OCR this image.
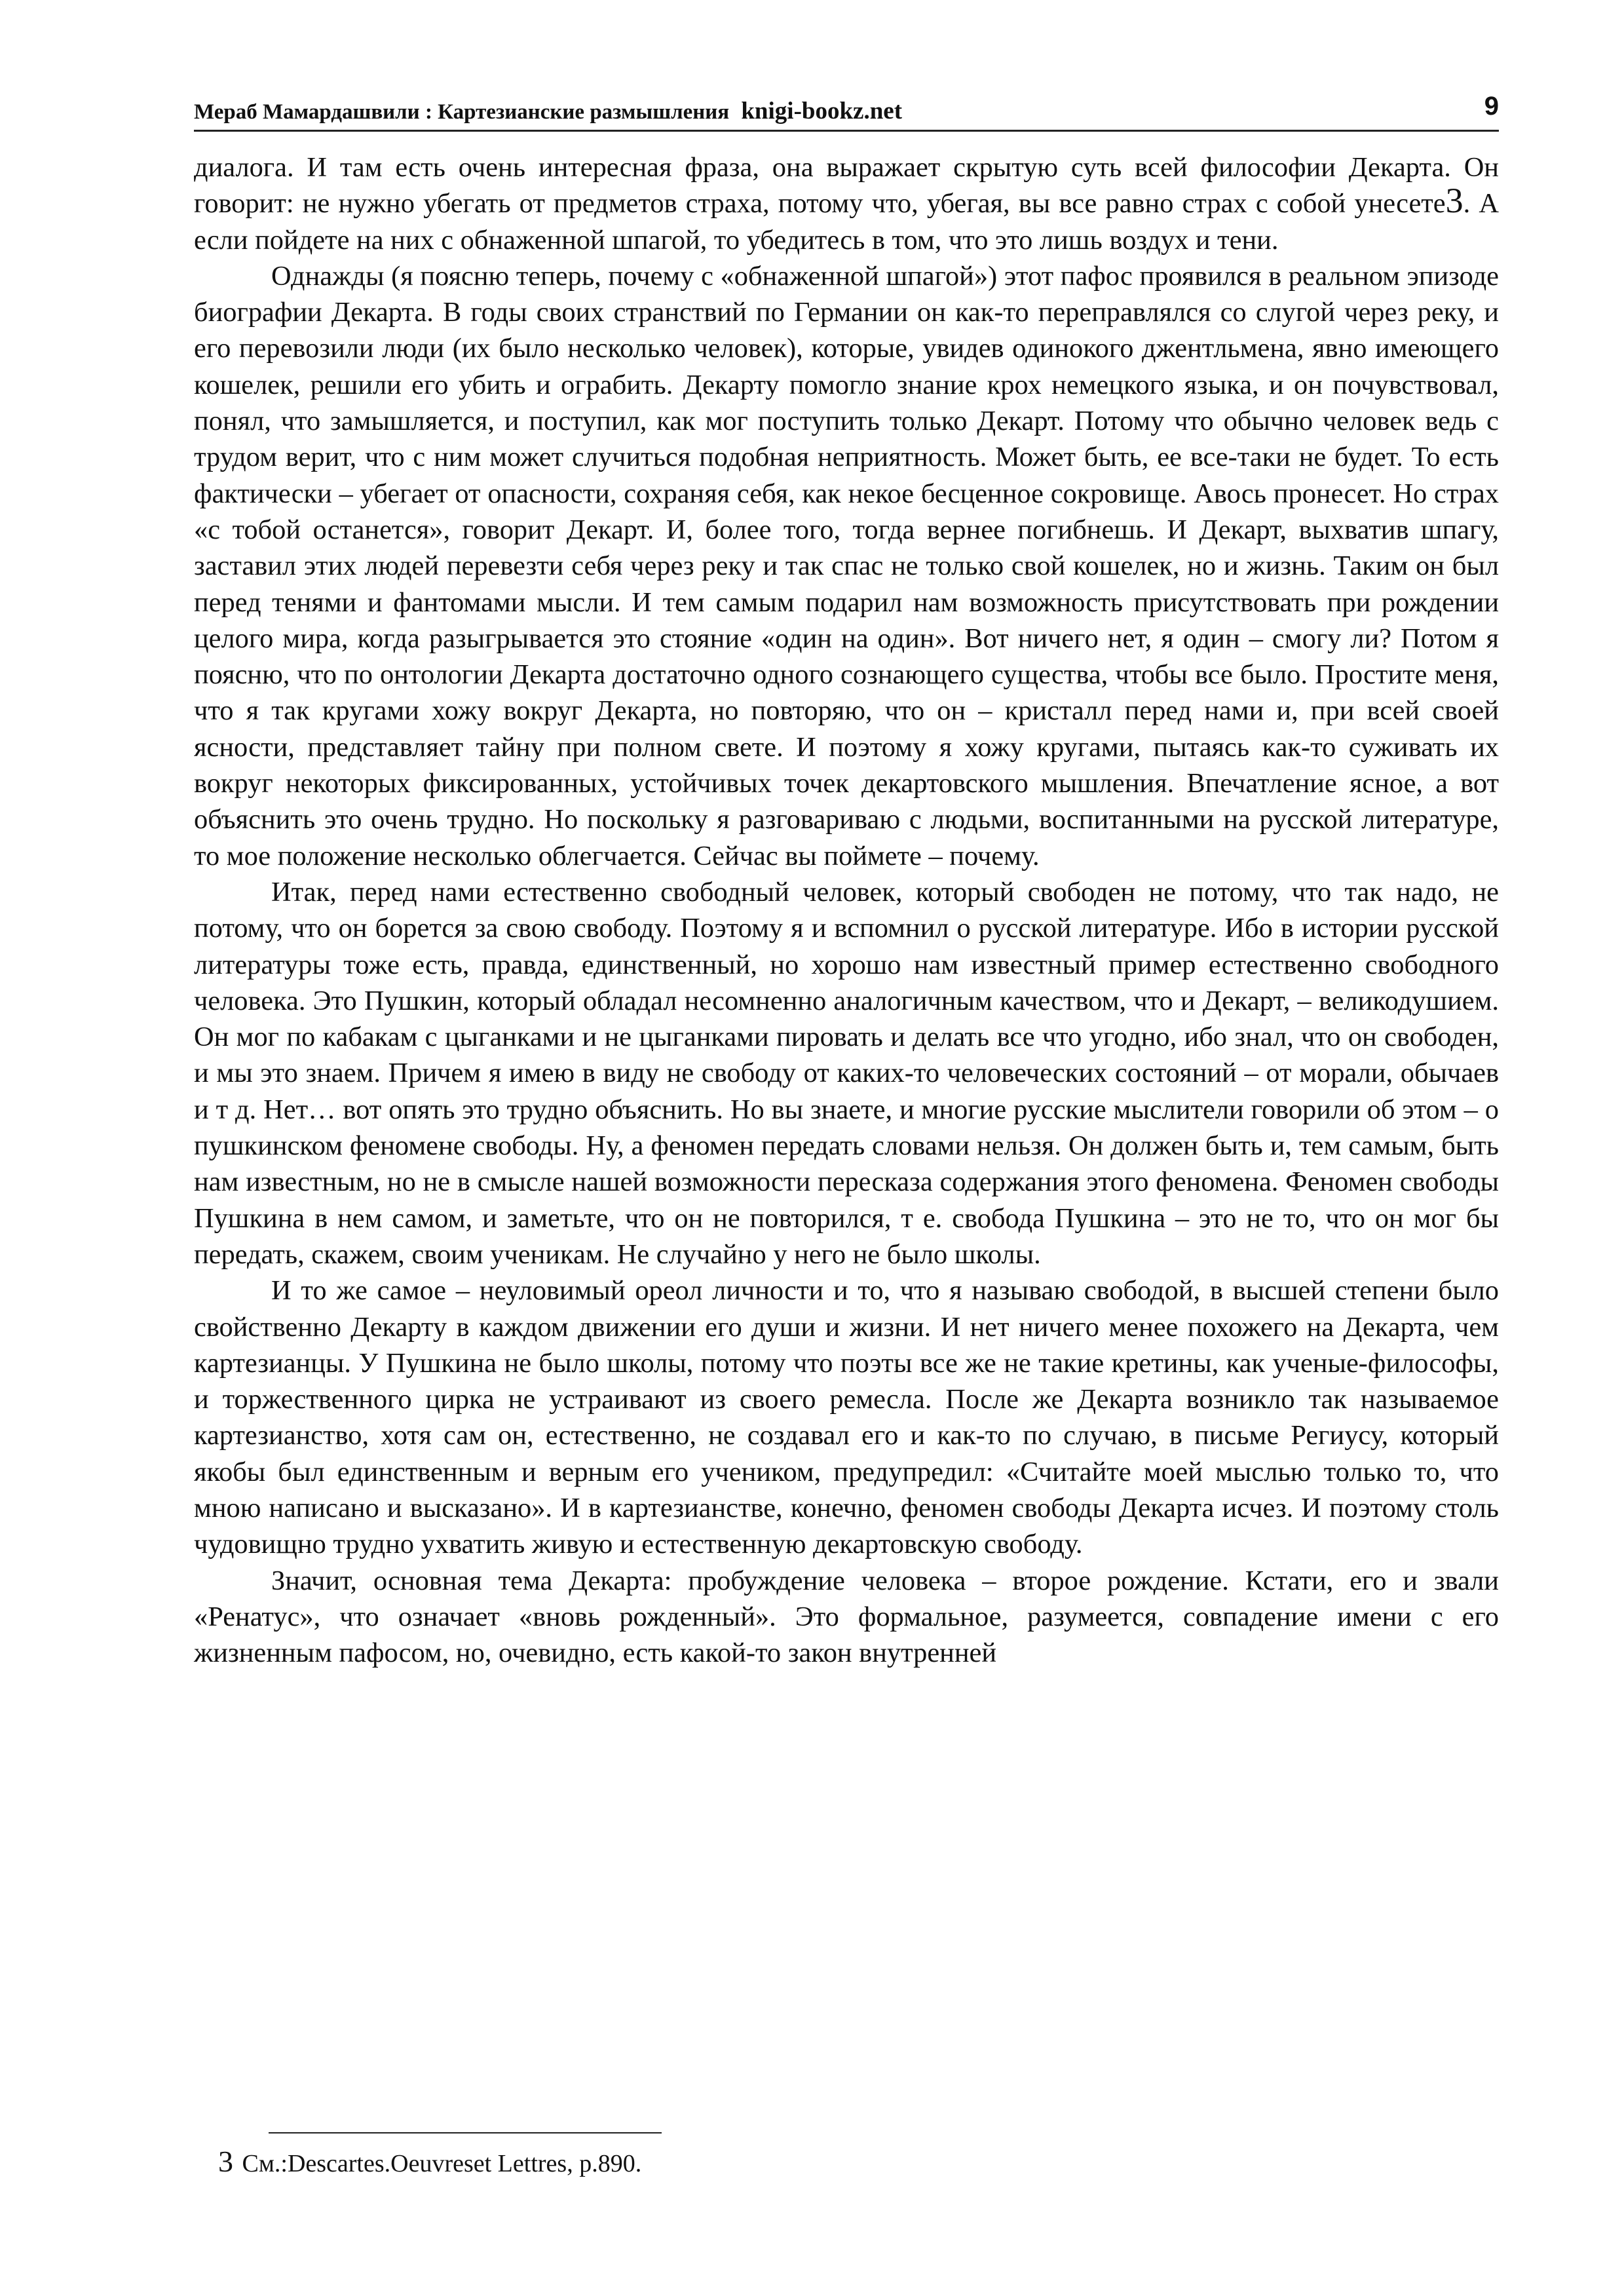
Мераб Мамардашвили : Картезианские размышления knigi-bookz.net	9

диалога. И там есть очень интересная фраза, она выражает скрытую суть всей философии Декарта. Он говорит: не нужно убегать от предметов страха, потому что, убегая, вы все равно страх с собой унесете3. А если пойдете на них с обнаженной шпагой, то убедитесь в том, что это лишь воздух и тени.

Однажды (я поясню теперь, почему с «обнаженной шпагой») этот пафос проявился в реальном эпизоде биографии Декарта. В годы своих странствий по Германии он как-то переправлялся со слугой через реку, и его перевозили люди (их было несколько человек), которые, увидев одинокого джентльмена, явно имеющего кошелек, решили его убить и ограбить. Декарту помогло знание крох немецкого языка, и он почувствовал, понял, что замышляется, и поступил, как мог поступить только Декарт. Потому что обычно человек ведь с трудом верит, что с ним может случиться подобная неприятность. Может быть, ее все-таки не будет. То есть фактически – убегает от опасности, сохраняя себя, как некое бесценное сокровище. Авось пронесет. Но страх «с тобой останется», говорит Декарт. И, более того, тогда вернее погибнешь. И Декарт, выхватив шпагу, заставил этих людей перевезти себя через реку и так спас не только свой кошелек, но и жизнь. Таким он был перед тенями и фантомами мысли. И тем самым подарил нам возможность присутствовать при рождении целого мира, когда разыгрывается это стояние «один на один». Вот ничего нет, я один – смогу ли? Потом я поясню, что по онтологии Декарта достаточно одного сознающего существа, чтобы все было. Простите меня, что я так кругами хожу вокруг Декарта, но повторяю, что он – кристалл перед нами и, при всей своей ясности, представляет тайну при полном свете. И поэтому я хожу кругами, пытаясь как-то суживать их вокруг некоторых фиксированных, устойчивых точек декартовского мышления. Впечатление ясное, а вот объяснить это очень трудно. Но поскольку я разговариваю с людьми, воспитанными на русской литературе, то мое положение несколько облегчается. Сейчас вы поймете – почему.

Итак, перед нами естественно свободный человек, который свободен не потому, что так надо, не потому, что он борется за свою свободу. Поэтому я и вспомнил о русской литературе. Ибо в истории русской литературы тоже есть, правда, единственный, но хорошо нам известный пример естественно свободного человека. Это Пушкин, который обладал несомненно аналогичным качеством, что и Декарт, – великодушием. Он мог по кабакам с цыганками и не цыганками пировать и делать все что угодно, ибо знал, что он свободен, и мы это знаем. Причем я имею в виду не свободу от каких-то человеческих состояний – от морали, обычаев и т д. Нет… вот опять это трудно объяснить. Но вы знаете, и многие русские мыслители говорили об этом – о пушкинском феномене свободы. Ну, а феномен передать словами нельзя. Он должен быть и, тем самым, быть нам известным, но не в смысле нашей возможности пересказа содержания этого феномена. Феномен свободы Пушкина в нем самом, и заметьте, что он не повторился, т е. свобода Пушкина – это не то, что он мог бы передать, скажем, своим ученикам. Не случайно у него не было школы.

И то же самое – неуловимый ореол личности и то, что я называю свободой, в высшей степени было свойственно Декарту в каждом движении его души и жизни. И нет ничего менее похожего на Декарта, чем картезианцы. У Пушкина не было школы, потому что поэты все же не такие кретины, как ученые-философы, и торжественного цирка не устраивают из своего ремесла. После же Декарта возникло так называемое картезианство, хотя сам он, естественно, не создавал его и как-то по случаю, в письме Региусу, который якобы был единственным и верным его учеником, предупредил: «Считайте моей мыслью только то, что мною написано и высказано». И в картезианстве, конечно, феномен свободы Декарта исчез. И поэтому столь чудовищно трудно ухватить живую и естественную декартовскую свободу.

Значит, основная тема Декарта: пробуждение человека – второе рождение. Кстати, его и звали «Ренатус», что означает «вновь рожденный». Это формальное, разумеется, совпадение имени с его жизненным пафосом, но, очевидно, есть какой-то закон внутренней

3 См.:Descartes.Oeuvreset Lettres, p.890.
